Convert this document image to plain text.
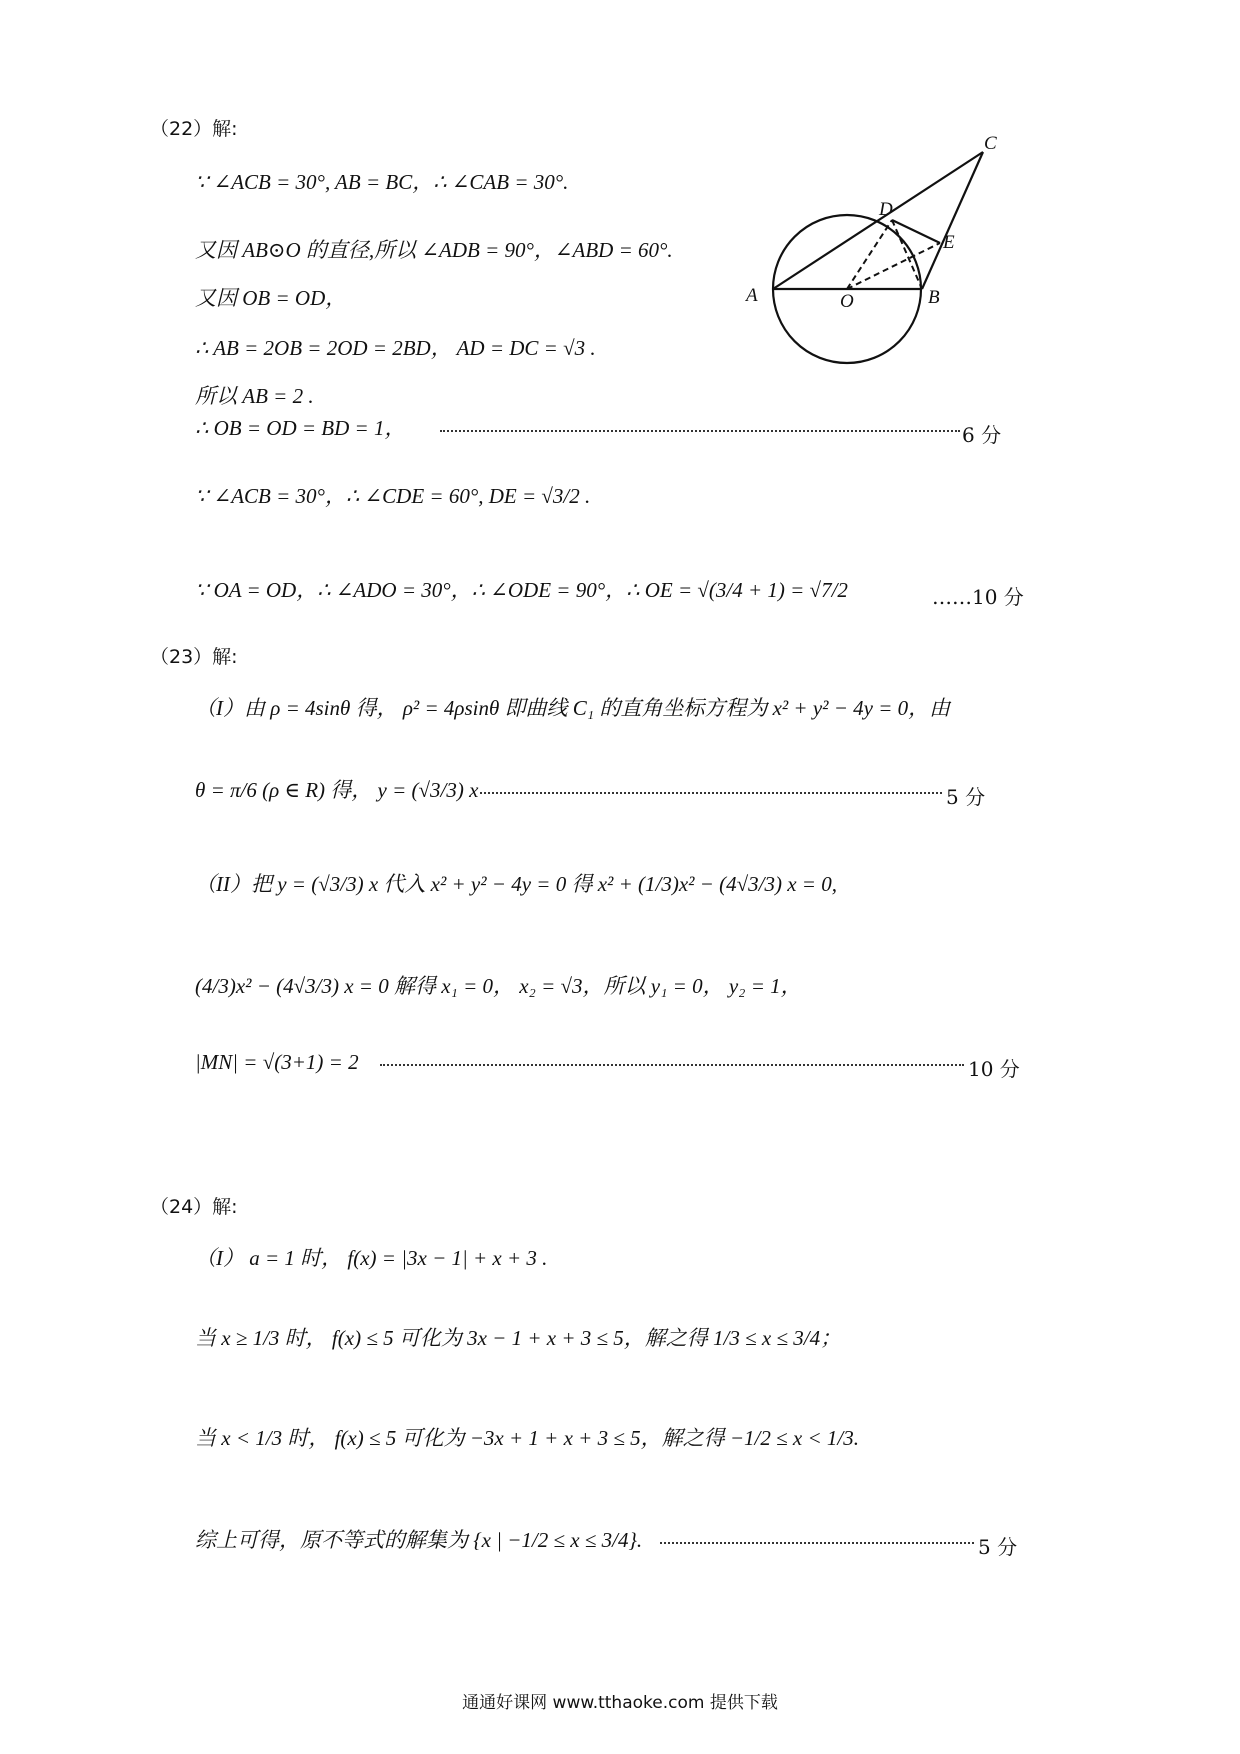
（22）解:
∵ ∠ACB = 30°, AB = BC，∴ ∠CAB = 30°.
又因 AB⊙O 的直径,所以 ∠ADB = 90°，∠ABD = 60°.
又因 OB = OD，
∴ AB = 2OB = 2OD = 2BD， AD = DC = √3 .
所以 AB = 2 .
∴ OB = OD = BD = 1，	6 分
∵ ∠ACB = 30°，∴ ∠CDE = 60°, DE = √3/2 .
∵ OA = OD，∴ ∠ADO = 30°，∴ ∠ODE = 90°，∴ OE = √(3/4 + 1) = √7/2	……10 分
A	B
C
D
E
O
（23）解:
（I）由 ρ = 4sinθ 得， ρ² = 4ρsinθ 即曲线 C₁ 的直角坐标方程为 x² + y² − 4y = 0，由
θ = π/6 (ρ ∈ R) 得， y = (√3/3) x	5 分
（II）把 y = (√3/3) x 代入 x² + y² − 4y = 0 得 x² + (1/3)x² − (4√3/3) x = 0,
(4/3)x² − (4√3/3) x = 0 解得 x₁ = 0， x₂ = √3，所以 y₁ = 0， y₂ = 1，
|MN| = √(3+1) = 2	10 分
（24）解:
（I） a = 1 时， f(x) = |3x − 1| + x + 3 .
当 x ≥ 1/3 时， f(x) ≤ 5 可化为 3x − 1 + x + 3 ≤ 5，解之得 1/3 ≤ x ≤ 3/4；
当 x < 1/3 时， f(x) ≤ 5 可化为 −3x + 1 + x + 3 ≤ 5，解之得 −1/2 ≤ x < 1/3.
综上可得，原不等式的解集为 {x | −1/2 ≤ x ≤ 3/4}.	5 分
通通好课网 www.tthaoke.com 提供下载
